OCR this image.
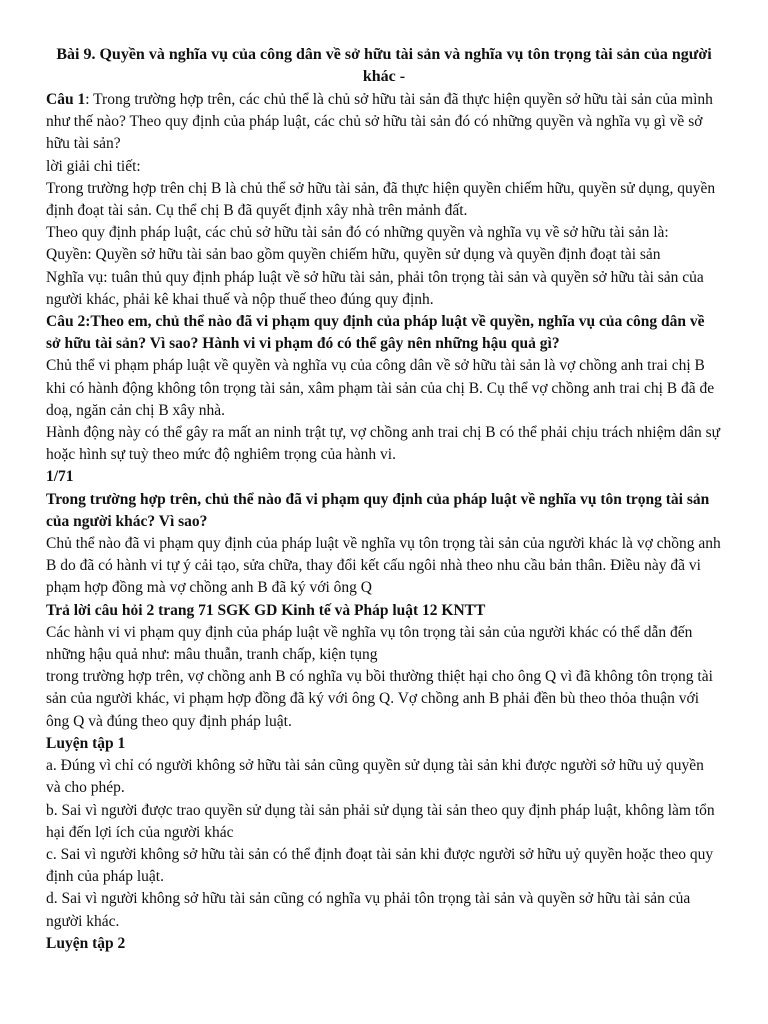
Bài 9. Quyền và nghĩa vụ của công dân về sở hữu tài sản và nghĩa vụ tôn trọng tài sản của người khác -

Câu 1: Trong trường hợp trên, các chủ thể là chủ sở hữu tài sản đã thực hiện quyền sở hữu tài sản của mình như thế nào? Theo quy định của pháp luật, các chủ sở hữu tài sản đó có những quyền và nghĩa vụ gì về sở hữu tài sản?

lời giải chi tiết:

Trong trường hợp trên chị B là chủ thể sở hữu tài sản, đã thực hiện quyền chiếm hữu, quyền sử dụng, quyền định đoạt tài sản. Cụ thể chị B đã quyết định xây nhà trên mảnh đất.

Theo quy định pháp luật, các chủ sở hữu tài sản đó có những quyền và nghĩa vụ về sở hữu tài sản là:

Quyền: Quyền sở hữu tài sản bao gồm quyền chiếm hữu, quyền sử dụng và quyền định đoạt tài sản

Nghĩa vụ: tuân thủ quy định pháp luật về sở hữu tài sản, phải tôn trọng tài sản và quyền sở hữu tài sản của người khác, phải kê khai thuế và nộp thuế theo đúng quy định.

Câu 2:Theo em, chủ thể nào đã vi phạm quy định của pháp luật về quyền, nghĩa vụ của công dân về sở hữu tài sản? Vì sao? Hành vi vi phạm đó có thể gây nên những hậu quả gì?

Chủ thể vi phạm pháp luật về quyền và nghĩa vụ của công dân về sở hữu tài sản là vợ chồng anh trai chị B khi có hành động không tôn trọng tài sản, xâm phạm tài sản của chị B. Cụ thể vợ chồng anh trai chị B đã đe doạ, ngăn cản chị B xây nhà.

Hành động này có thể gây ra mất an ninh trật tự, vợ chồng anh trai chị B có thể phải chịu trách nhiệm dân sự hoặc hình sự tuỳ theo mức độ nghiêm trọng của hành vi.

1/71

Trong trường hợp trên, chủ thể nào đã vi phạm quy định của pháp luật về nghĩa vụ tôn trọng tài sản của người khác? Vì sao?

Chủ thể nào đã vi phạm quy định của pháp luật về nghĩa vụ tôn trọng tài sản của người khác là vợ chồng anh B do đã có hành vi tự ý cải tạo, sửa chữa, thay đổi kết cấu ngôi nhà theo nhu cầu bản thân. Điều này đã vi phạm hợp đồng mà vợ chồng anh B đã ký với ông Q

Trả lời câu hỏi 2 trang 71 SGK GD Kinh tế và Pháp luật 12 KNTT

Các hành vi vi phạm quy định của pháp luật về nghĩa vụ tôn trọng tài sản của người khác có thể dẫn đến những hậu quả như: mâu thuẫn, tranh chấp, kiện tụng

trong trường hợp trên, vợ chồng anh B có nghĩa vụ bồi thường thiệt hại cho ông Q vì đã không tôn trọng tài sản của người khác, vi phạm hợp đồng đã ký với ông Q. Vợ chồng anh B phải đền bù theo thỏa thuận với ông Q và đúng theo quy định pháp luật.

Luyện tập 1

a. Đúng vì chỉ có người không sở hữu tài sản cũng quyền sử dụng tài sản khi được người sở hữu uỷ quyền và cho phép.

b. Sai vì người được trao quyền sử dụng tài sản phải sử dụng tài sản theo quy định pháp luật, không làm tổn hại đến lợi ích của người khác

c. Sai vì người không sở hữu tài sản có thể định đoạt tài sản khi được người sở hữu uỷ quyền hoặc theo quy định của pháp luật.

d. Sai vì người không sở hữu tài sản cũng có nghĩa vụ phải tôn trọng tài sản và quyền sở hữu tài sản của người khác.

Luyện tập 2
